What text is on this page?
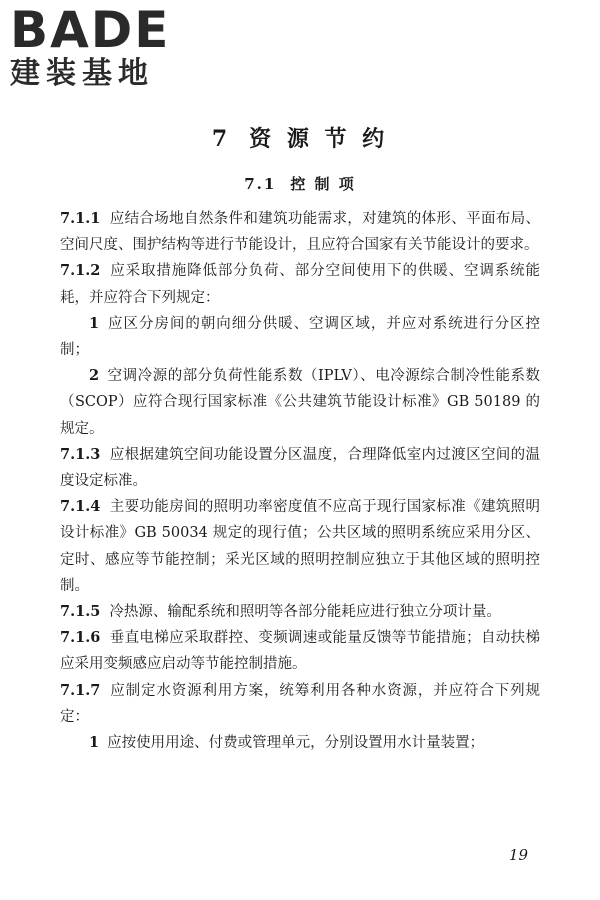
BADE
建装基地
7 资 源 节 约
7.1 控 制 项

7.1.1 应结合场地自然条件和建筑功能需求，对建筑的体形、平面布局、空间尺度、围护结构等进行节能设计，且应符合国家有关节能设计的要求。

7.1.2 应采取措施降低部分负荷、部分空间使用下的供暖、空调系统能耗，并应符合下列规定：

1 应区分房间的朝向细分供暖、空调区域，并应对系统进行分区控制；

2 空调冷源的部分负荷性能系数（IPLV）、电冷源综合制冷性能系数（SCOP）应符合现行国家标准《公共建筑节能设计标准》GB 50189 的规定。

7.1.3 应根据建筑空间功能设置分区温度，合理降低室内过渡区空间的温度设定标准。

7.1.4 主要功能房间的照明功率密度值不应高于现行国家标准《建筑照明设计标准》GB 50034 规定的现行值；公共区域的照明系统应采用分区、定时、感应等节能控制；采光区域的照明控制应独立于其他区域的照明控制。

7.1.5 冷热源、输配系统和照明等各部分能耗应进行独立分项计量。

7.1.6 垂直电梯应采取群控、变频调速或能量反馈等节能措施；自动扶梯应采用变频感应启动等节能控制措施。

7.1.7 应制定水资源利用方案，统筹利用各种水资源，并应符合下列规定：

1 应按使用用途、付费或管理单元，分别设置用水计量装置；

19
